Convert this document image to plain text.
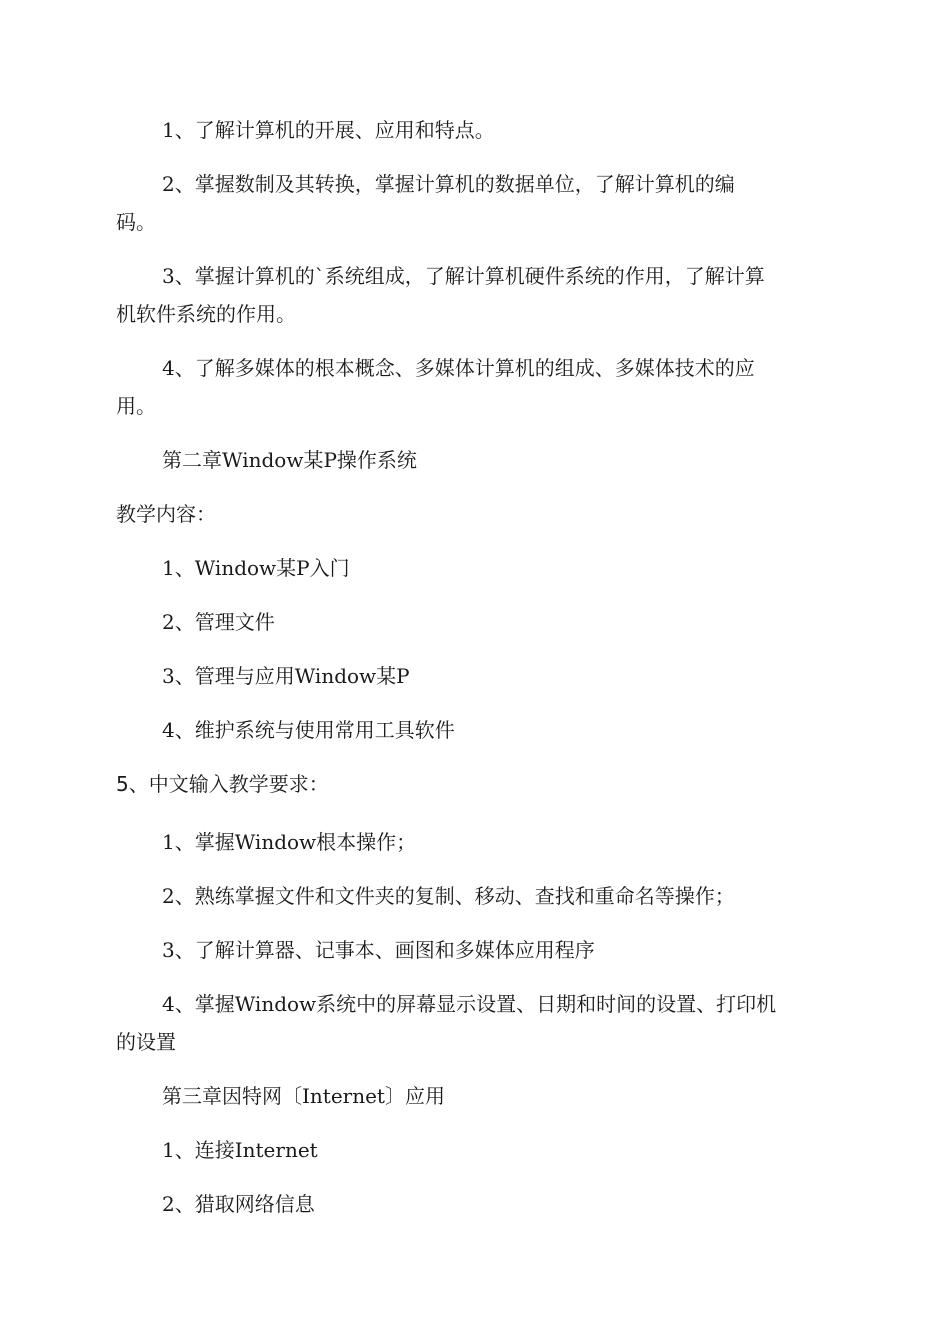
1、了解计算机的开展、应用和特点。
2、掌握数制及其转换，掌握计算机的数据单位，了解计算机的编
码。
3、掌握计算机的`系统组成，了解计算机硬件系统的作用，了解计算
机软件系统的作用。
4、了解多媒体的根本概念、多媒体计算机的组成、多媒体技术的应
用。
第二章Window某P操作系统
教学内容：
1、Window某P入门
2、管理文件
3、管理与应用Window某P
4、维护系统与使用常用工具软件
5、中文输入教学要求：
1、掌握Window根本操作；
2、熟练掌握文件和文件夹的复制、移动、查找和重命名等操作；
3、了解计算器、记事本、画图和多媒体应用程序
4、掌握Window系统中的屏幕显示设置、日期和时间的设置、打印机
的设置
第三章因特网〔Internet〕应用
1、连接Internet
2、猎取网络信息
